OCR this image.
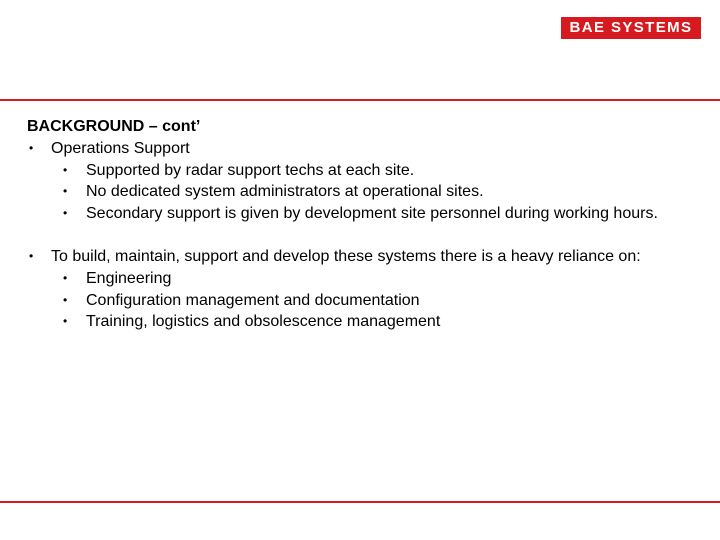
BAE SYSTEMS

BACKGROUND – cont’

• Operations Support
• Supported by radar support techs at each site.
• No dedicated system administrators at operational sites.
• Secondary support is given by development site personnel during working hours.
• To build, maintain, support and develop these systems there is a heavy reliance on:
• Engineering
• Configuration management and documentation
• Training, logistics and obsolescence management
